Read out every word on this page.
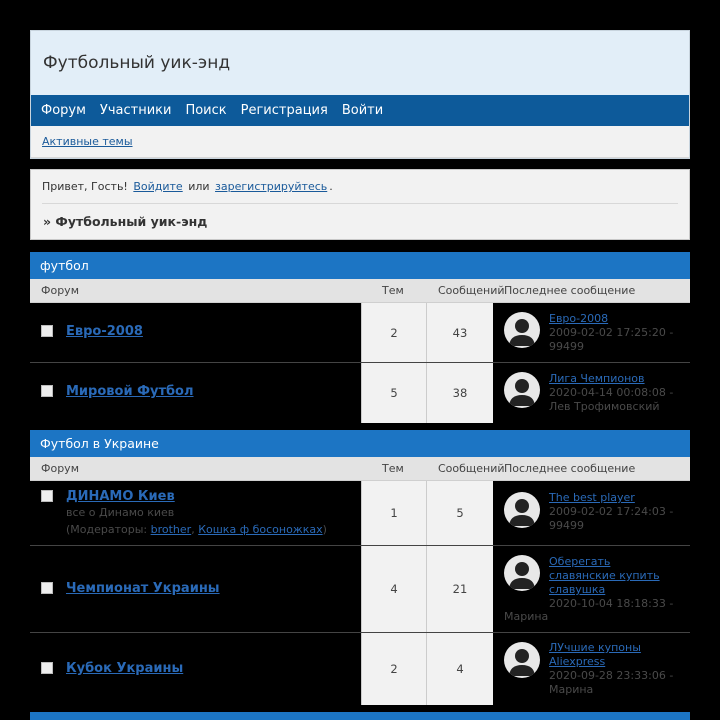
Футбольный уик-энд
Форум Участники Поиск Регистрация Войти
Активные темы
Привет, Гость! Войдите или зарегистрируйтесь .
» Футбольный уик-энд
футбол
Форум	Тем	Сообщений Последнее сообщение
Евро-2008	2	43
Евро-2008
2009-02-02 17:25:20 -
99499
Мировой Футбол	5	38
Лига Чемпионов
2020-04-14 00:08:08 -
Лев Трофимовский
Футбол в Украине
Форум	Тем	Сообщений Последнее сообщение
ДИНАМО Киев
все о Динамо киев
(Модераторы: brother, Кошка ф босоножках)
1	5
The best player
2009-02-02 17:24:03 -
99499
Чемпионат Украины	4	21
Оберегать славянские купить славушка
2020-10-04 18:18:33 -
Марина
Кубок Украины	2	4
ЛУчшие купоны Aliexpress
2020-09-28 23:33:06 -
Марина
